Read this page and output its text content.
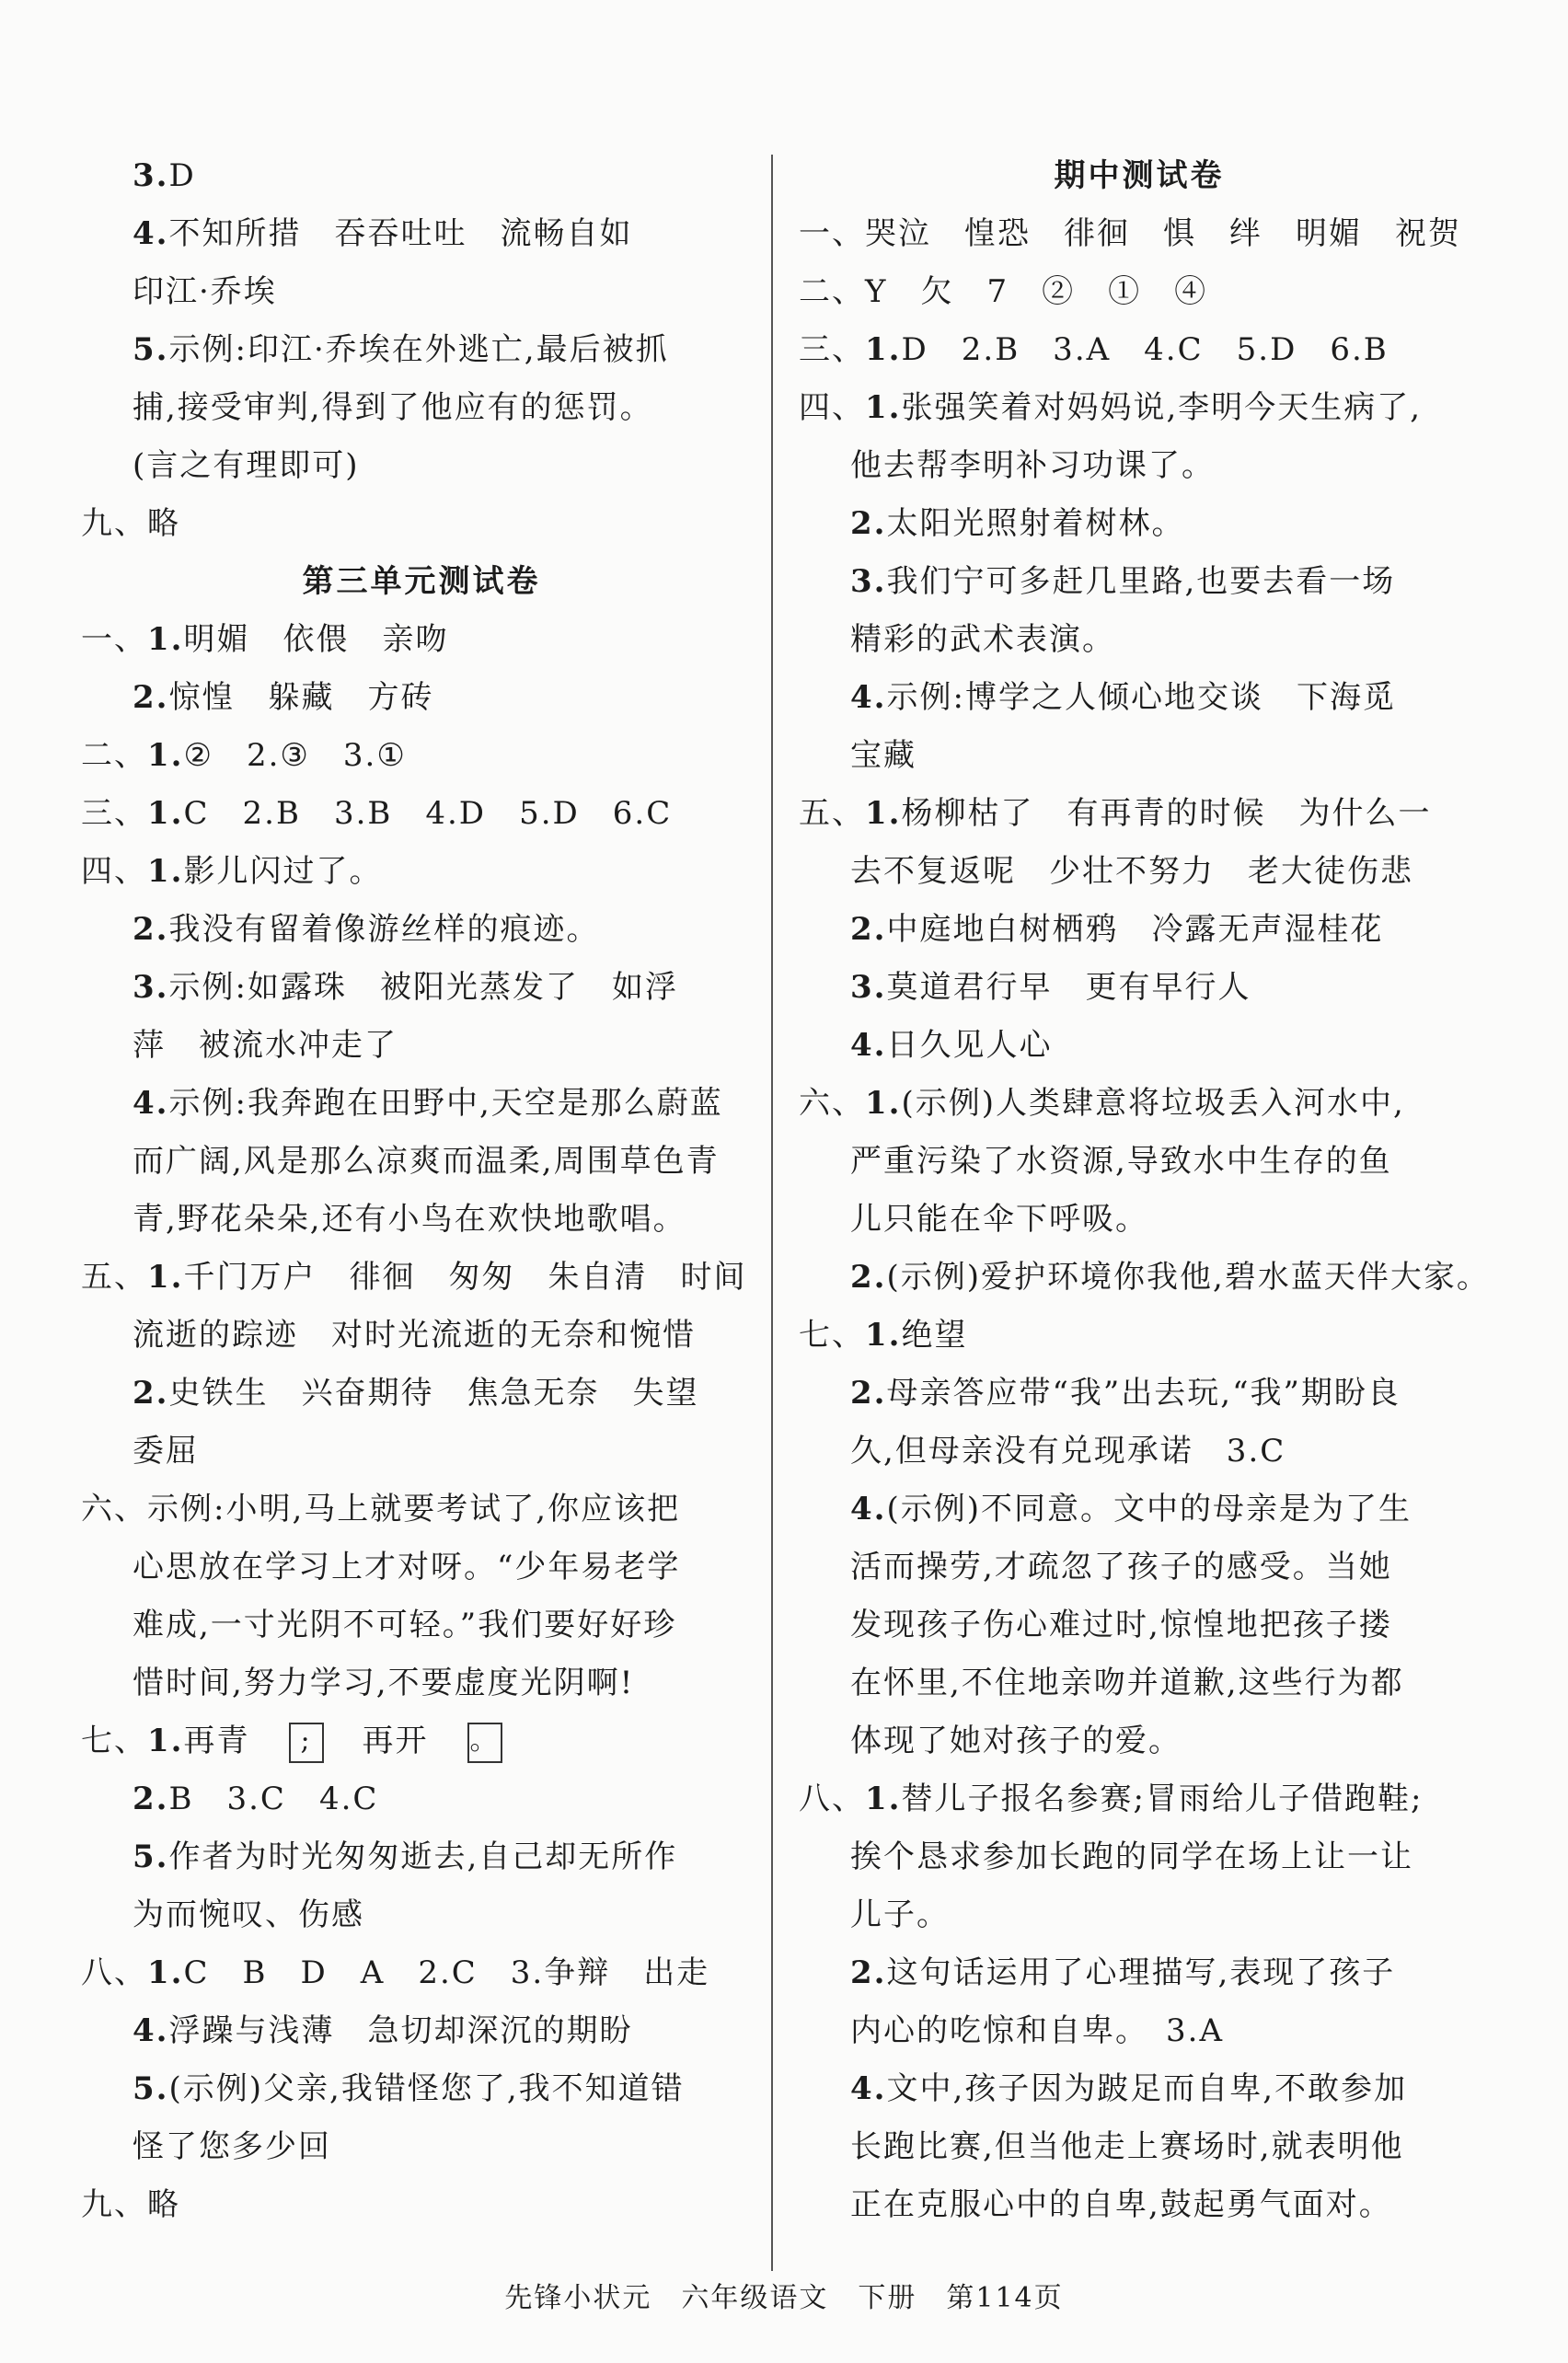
3.D
4.不知所措　吞吞吐吐　流畅自如
印江·乔埃
5.示例:印江·乔埃在外逃亡,最后被抓
捕,接受审判,得到了他应有的惩罚。
(言之有理即可)
九、略
第三单元测试卷
一、1.明媚　依偎　亲吻
2.惊惶　躲藏　方砖
二、1.②　2.③　3.①
三、1.C　2.B　3.B　4.D　5.D　6.C
四、1.影儿闪过了。
2.我没有留着像游丝样的痕迹。
3.示例:如露珠　被阳光蒸发了　如浮
萍　被流水冲走了
4.示例:我奔跑在田野中,天空是那么蔚蓝
而广阔,风是那么凉爽而温柔,周围草色青
青,野花朵朵,还有小鸟在欢快地歌唱。
五、1.千门万户　徘徊　匆匆　朱自清　时间
流逝的踪迹　对时光流逝的无奈和惋惜
2.史铁生　兴奋期待　焦急无奈　失望
委屈
六、示例:小明,马上就要考试了,你应该把
心思放在学习上才对呀。“少年易老学
难成,一寸光阴不可轻。”我们要好好珍
惜时间,努力学习,不要虚度光阴啊!
七、1.再青　 ;　 再开　 。
2.B　3.C　4.C
5.作者为时光匆匆逝去,自己却无所作
为而惋叹、伤感
八、1.C　B　D　A　2.C　3.争辩　出走
4.浮躁与浅薄　急切却深沉的期盼
5.(示例)父亲,我错怪您了,我不知道错
怪了您多少回
九、略
期中测试卷
一、哭泣　惶恐　徘徊　惧　绊　明媚　祝贺
二、Y　欠　7　②　①　④
三、1.D　2.B　3.A　4.C　5.D　6.B
四、1.张强笑着对妈妈说,李明今天生病了,
他去帮李明补习功课了。
2.太阳光照射着树林。
3.我们宁可多赶几里路,也要去看一场
精彩的武术表演。
4.示例:博学之人倾心地交谈　下海觅
宝藏
五、1.杨柳枯了　有再青的时候　为什么一
去不复返呢　少壮不努力　老大徒伤悲
2.中庭地白树栖鸦　冷露无声湿桂花
3.莫道君行早　更有早行人
4.日久见人心
六、1.(示例)人类肆意将垃圾丢入河水中,
严重污染了水资源,导致水中生存的鱼
儿只能在伞下呼吸。
2.(示例)爱护环境你我他,碧水蓝天伴大家。
七、1.绝望
2.母亲答应带“我”出去玩,“我”期盼良
久,但母亲没有兑现承诺　3.C
4.(示例)不同意。文中的母亲是为了生
活而操劳,才疏忽了孩子的感受。当她
发现孩子伤心难过时,惊惶地把孩子搂
在怀里,不住地亲吻并道歉,这些行为都
体现了她对孩子的爱。
八、1.替儿子报名参赛;冒雨给儿子借跑鞋;
挨个恳求参加长跑的同学在场上让一让
儿子。
2.这句话运用了心理描写,表现了孩子
内心的吃惊和自卑。　3.A
4.文中,孩子因为跛足而自卑,不敢参加
长跑比赛,但当他走上赛场时,就表明他
正在克服心中的自卑,鼓起勇气面对。
先锋小状元　六年级语文　下册　第114页
